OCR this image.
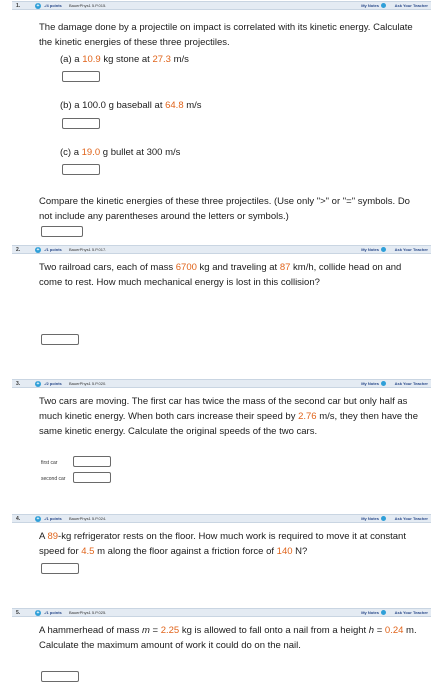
1.	+	-/4 points BauerPhys1 5.P.015.	My Notes	Ask Your Teacher
The damage done by a projectile on impact is correlated with its kinetic energy. Calculate the kinetic energies of these three projectiles.
(a) a 10.9 kg stone at 27.3 m/s
(b) a 100.0 g baseball at 64.8 m/s
(c) a 19.0 g bullet at 300 m/s
Compare the kinetic energies of these three projectiles. (Use only ">" or "=" symbols. Do not include any parentheses around the letters or symbols.)
2.	+	-/1 points BauerPhys1 5.P.017.	My Notes	Ask Your Teacher
Two railroad cars, each of mass 6700 kg and traveling at 87 km/h, collide head on and come to rest. How much mechanical energy is lost in this collision?
3.	+	-/2 points BauerPhys1 5.P.020.	My Notes	Ask Your Teacher
Two cars are moving. The first car has twice the mass of the second car but only half as much kinetic energy. When both cars increase their speed by 2.76 m/s, they then have the same kinetic energy. Calculate the original speeds of the two cars.
first car
second car
4.	+	-/1 points BauerPhys1 5.P.024.	My Notes	Ask Your Teacher
A 89-kg refrigerator rests on the floor. How much work is required to move it at constant speed for 4.5 m along the floor against a friction force of 140 N?
5.	+	-/1 points BauerPhys1 5.P.025.	My Notes	Ask Your Teacher
A hammerhead of mass m = 2.25 kg is allowed to fall onto a nail from a height h = 0.24 m. Calculate the maximum amount of work it could do on the nail.
